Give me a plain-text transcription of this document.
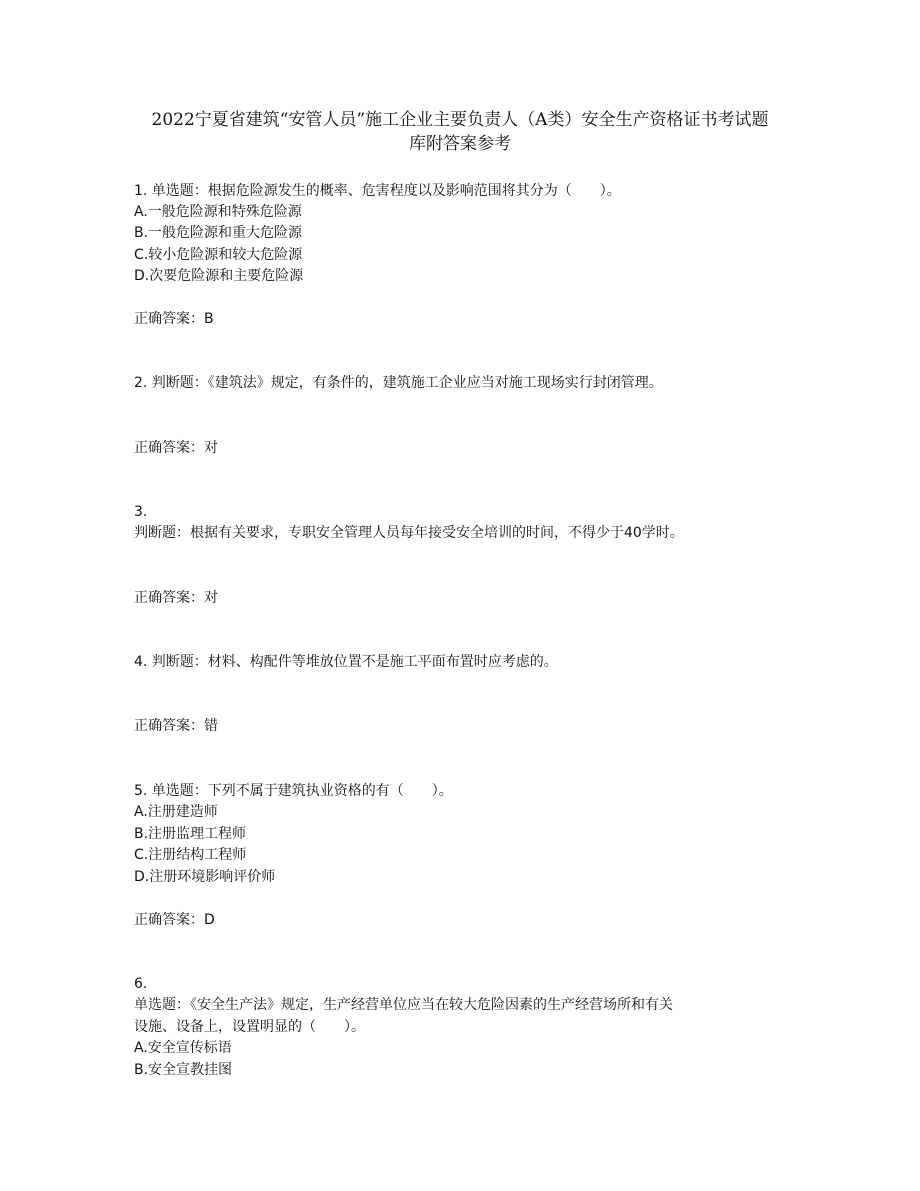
2022宁夏省建筑“安管人员”施工企业主要负责人（A类）安全生产资格证书考试题
库附答案参考
1. 单选题：根据危险源发生的概率、危害程度以及影响范围将其分为（　　）。
A.一般危险源和特殊危险源
B.一般危险源和重大危险源
C.较小危险源和较大危险源
D.次要危险源和主要危险源
正确答案：B
2. 判断题：《建筑法》规定，有条件的，建筑施工企业应当对施工现场实行封闭管理。
正确答案：对
3.
判断题：根据有关要求，专职安全管理人员每年接受安全培训的时间，不得少于40学时。
正确答案：对
4. 判断题：材料、构配件等堆放位置不是施工平面布置时应考虑的。
正确答案：错
5. 单选题：下列不属于建筑执业资格的有（　　）。
A.注册建造师
B.注册监理工程师
C.注册结构工程师
D.注册环境影响评价师
正确答案：D
6.
单选题：《安全生产法》规定，生产经营单位应当在较大危险因素的生产经营场所和有关
设施、设备上，设置明显的（　　）。
A.安全宣传标语
B.安全宣教挂图
